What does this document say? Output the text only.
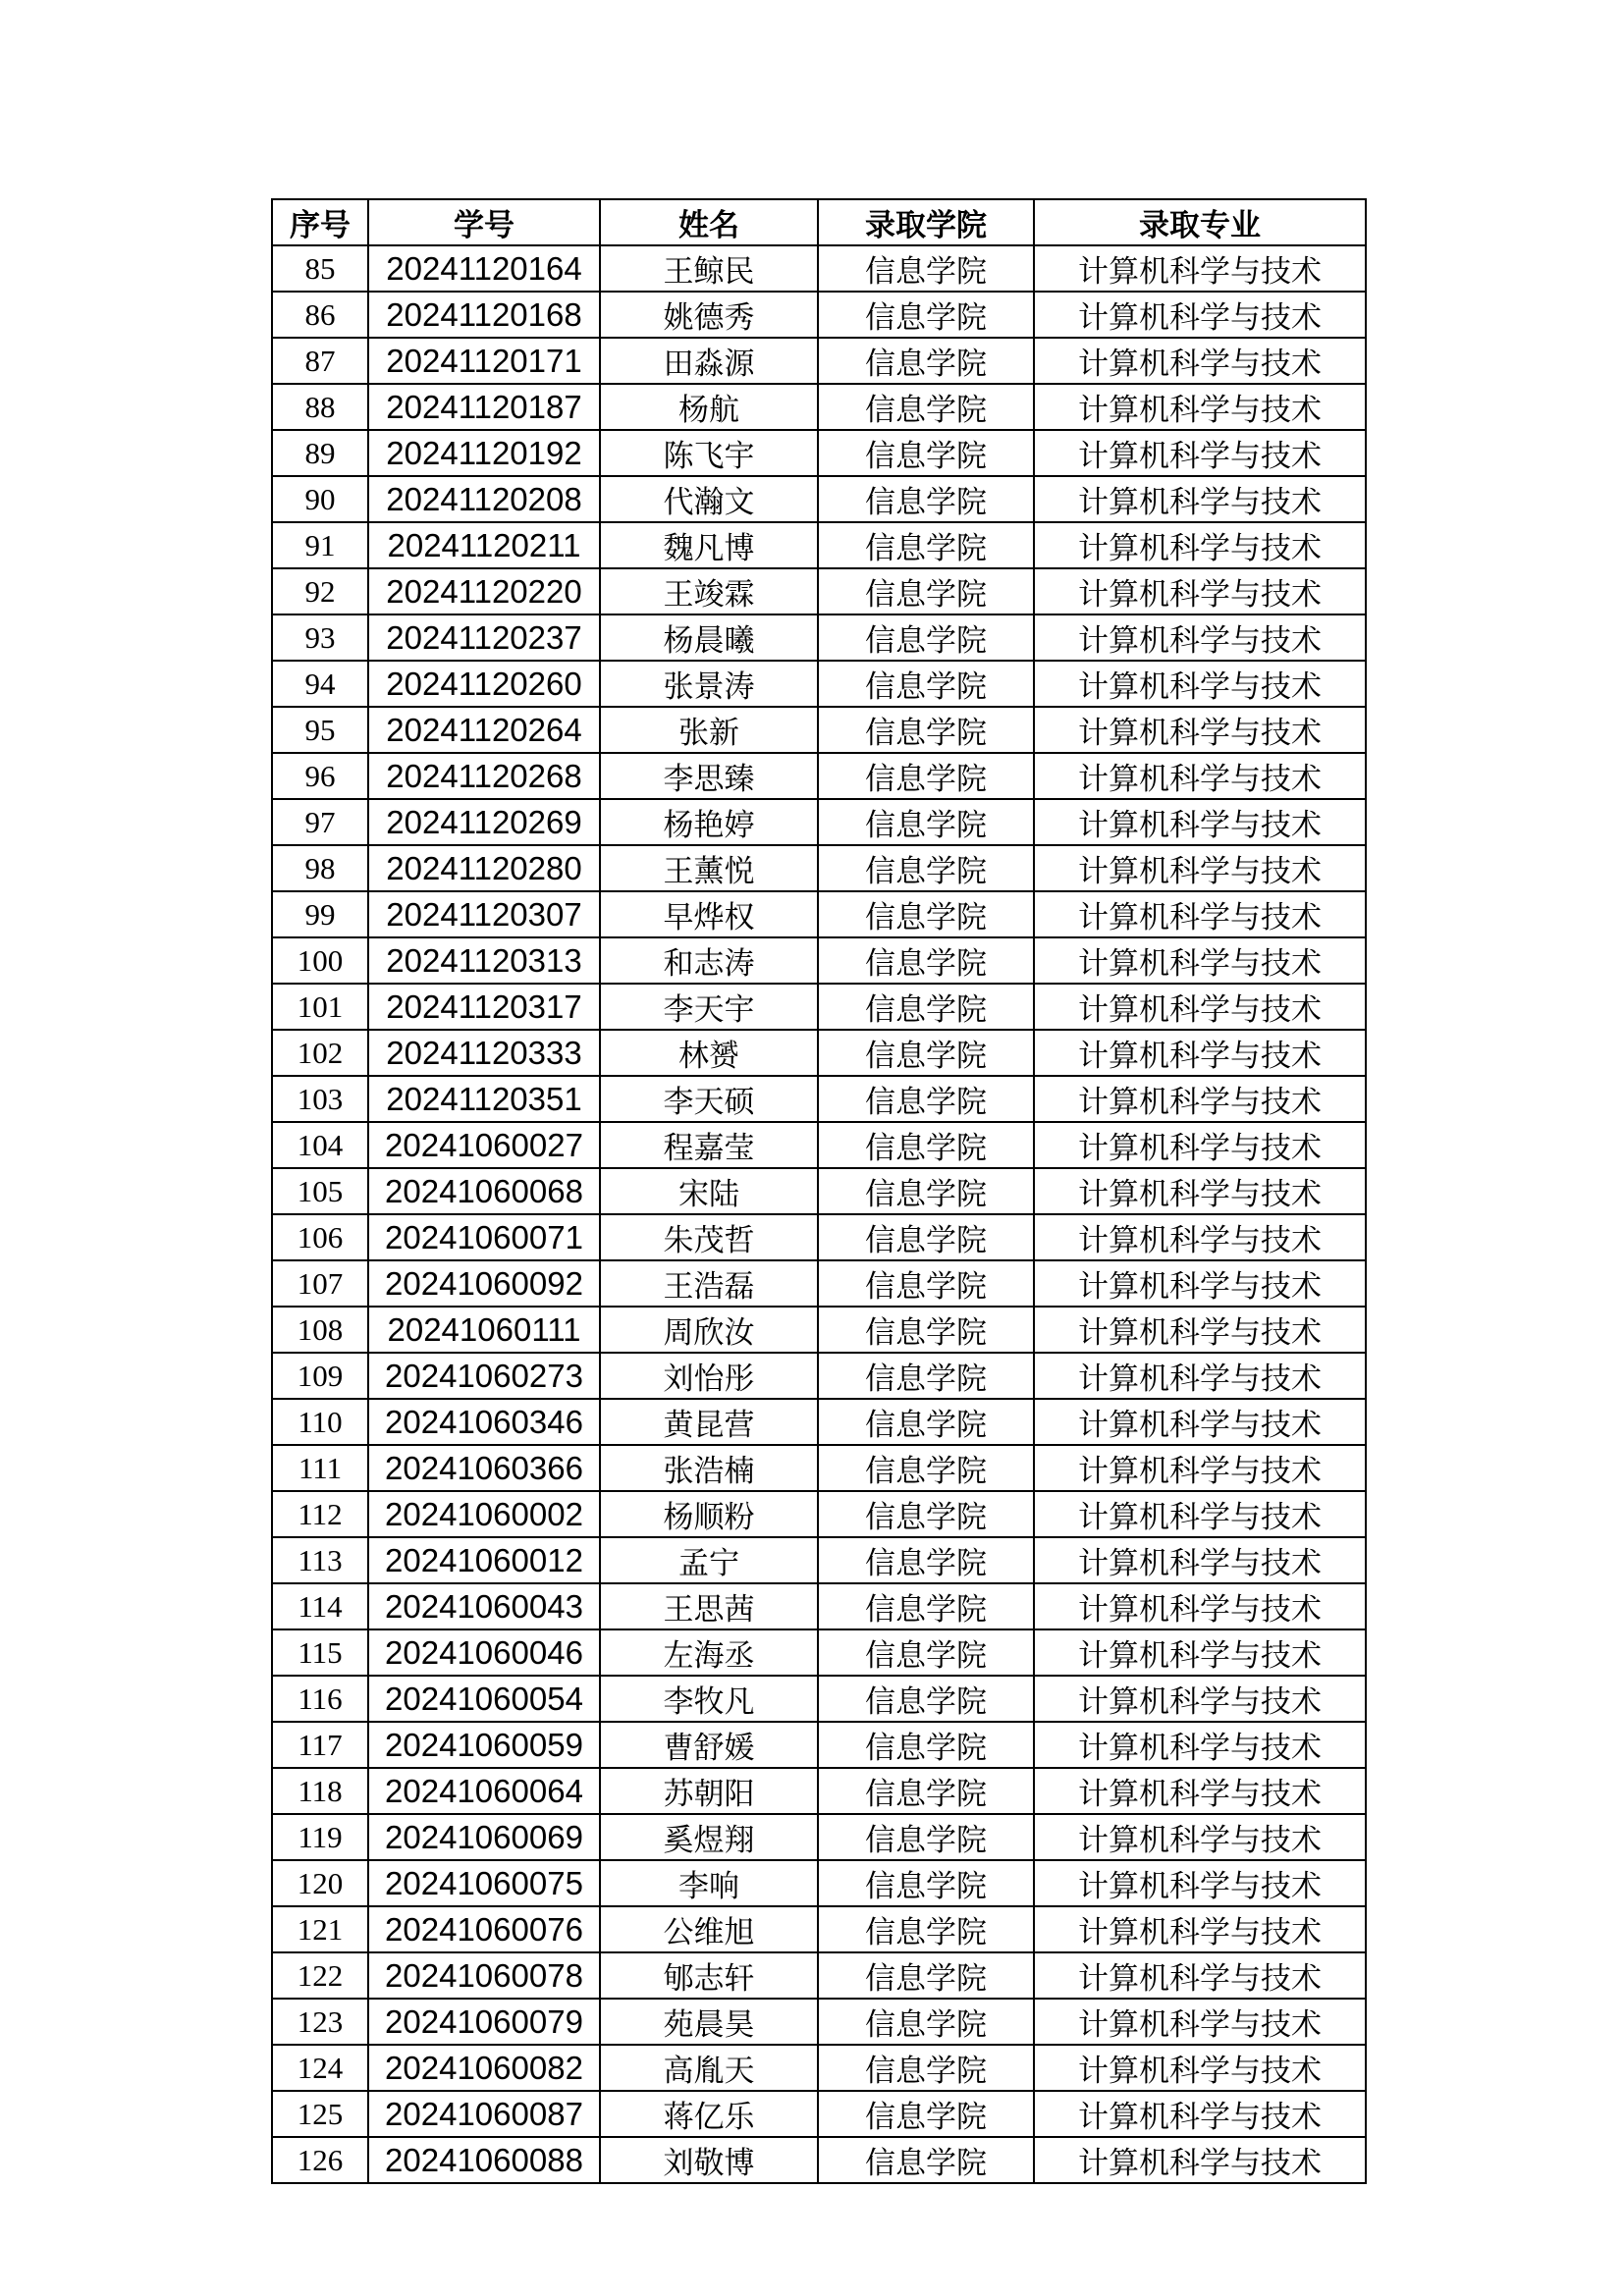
序号	学号	姓名	录取学院	录取专业
85	20241120164	王鲸民	信息学院	计算机科学与技术
86	20241120168	姚德秀	信息学院	计算机科学与技术
87	20241120171	田淼源	信息学院	计算机科学与技术
88	20241120187	杨航	信息学院	计算机科学与技术
89	20241120192	陈飞宇	信息学院	计算机科学与技术
90	20241120208	代瀚文	信息学院	计算机科学与技术
91	20241120211	魏凡博	信息学院	计算机科学与技术
92	20241120220	王竣霖	信息学院	计算机科学与技术
93	20241120237	杨晨曦	信息学院	计算机科学与技术
94	20241120260	张景涛	信息学院	计算机科学与技术
95	20241120264	张新	信息学院	计算机科学与技术
96	20241120268	李思臻	信息学院	计算机科学与技术
97	20241120269	杨艳婷	信息学院	计算机科学与技术
98	20241120280	王薰悦	信息学院	计算机科学与技术
99	20241120307	早烨权	信息学院	计算机科学与技术
100	20241120313	和志涛	信息学院	计算机科学与技术
101	20241120317	李天宇	信息学院	计算机科学与技术
102	20241120333	林赟	信息学院	计算机科学与技术
103	20241120351	李天硕	信息学院	计算机科学与技术
104	20241060027	程嘉莹	信息学院	计算机科学与技术
105	20241060068	宋陆	信息学院	计算机科学与技术
106	20241060071	朱茂哲	信息学院	计算机科学与技术
107	20241060092	王浩磊	信息学院	计算机科学与技术
108	20241060111	周欣汝	信息学院	计算机科学与技术
109	20241060273	刘怡彤	信息学院	计算机科学与技术
110	20241060346	黄昆营	信息学院	计算机科学与技术
111	20241060366	张浩楠	信息学院	计算机科学与技术
112	20241060002	杨顺粉	信息学院	计算机科学与技术
113	20241060012	孟宁	信息学院	计算机科学与技术
114	20241060043	王思茜	信息学院	计算机科学与技术
115	20241060046	左海丞	信息学院	计算机科学与技术
116	20241060054	李牧凡	信息学院	计算机科学与技术
117	20241060059	曹舒媛	信息学院	计算机科学与技术
118	20241060064	苏朝阳	信息学院	计算机科学与技术
119	20241060069	奚煜翔	信息学院	计算机科学与技术
120	20241060075	李响	信息学院	计算机科学与技术
121	20241060076	公维旭	信息学院	计算机科学与技术
122	20241060078	郇志轩	信息学院	计算机科学与技术
123	20241060079	苑晨昊	信息学院	计算机科学与技术
124	20241060082	高胤天	信息学院	计算机科学与技术
125	20241060087	蒋亿乐	信息学院	计算机科学与技术
126	20241060088	刘敬博	信息学院	计算机科学与技术
